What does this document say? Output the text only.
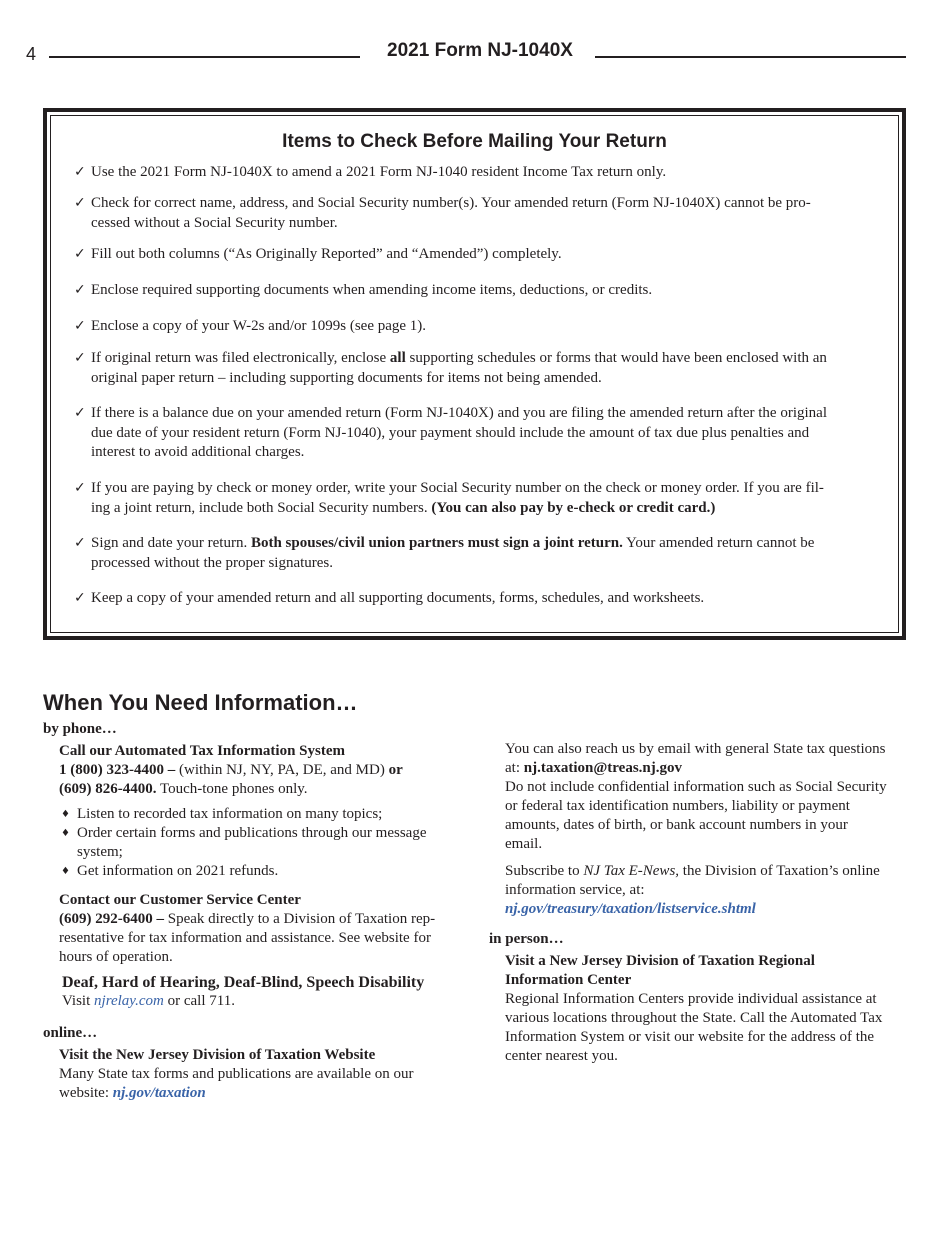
4	2021 Form NJ-1040X
Items to Check Before Mailing Your Return
✓ Use the 2021 Form NJ-1040X to amend a 2021 Form NJ-1040 resident Income Tax return only.
✓ Check for correct name, address, and Social Security number(s). Your amended return (Form NJ-1040X) cannot be pro-
cessed without a Social Security number.
✓ Fill out both columns (“As Originally Reported” and “Amended”) completely.
✓ Enclose required supporting documents when amending income items, deductions, or credits.
✓ Enclose a copy of your W-2s and/or 1099s (see page 1).
✓ If original return was filed electronically, enclose all supporting schedules or forms that would have been enclosed with an
original paper return – including supporting documents for items not being amended.
✓ If there is a balance due on your amended return (Form NJ-1040X) and you are filing the amended return after the original
due date of your resident return (Form NJ-1040), your payment should include the amount of tax due plus penalties and
interest to avoid additional charges.
✓ If you are paying by check or money order, write your Social Security number on the check or money order. If you are fil-
ing a joint return, include both Social Security numbers. (You can also pay by e-check or credit card.)
✓ Sign and date your return. Both spouses/civil union partners must sign a joint return. Your amended return cannot be
processed without the proper signatures.
✓ Keep a copy of your amended return and all supporting documents, forms, schedules, and worksheets.
When You Need Information…
by phone…
Call our Automated Tax Information System
1 (800) 323-4400 – (within NJ, NY, PA, DE, and MD) or
(609) 826-4400. Touch-tone phones only.
♦ Listen to recorded tax information on many topics;
♦ Order certain forms and publications through our message
system;
♦ Get information on 2021 refunds.
Contact our Customer Service Center
(609) 292-6400 – Speak directly to a Division of Taxation rep-
resentative for tax information and assistance. See website for
hours of operation.
Deaf, Hard of Hearing, Deaf-Blind, Speech Disability
Visit njrelay.com or call 711.
online…
Visit the New Jersey Division of Taxation Website
Many State tax forms and publications are available on our
website: nj.gov/taxation
You can also reach us by email with general State tax questions
at: nj.taxation@treas.nj.gov
Do not include confidential information such as Social Security
or federal tax identification numbers, liability or payment
amounts, dates of birth, or bank account numbers in your
email.
Subscribe to NJ Tax E-News, the Division of Taxation’s online
information service, at:
nj.gov/treasury/taxation/listservice.shtml
in person…
Visit a New Jersey Division of Taxation Regional
Information Center
Regional Information Centers provide individual assistance at
various locations throughout the State. Call the Automated Tax
Information System or visit our website for the address of the
center nearest you.
